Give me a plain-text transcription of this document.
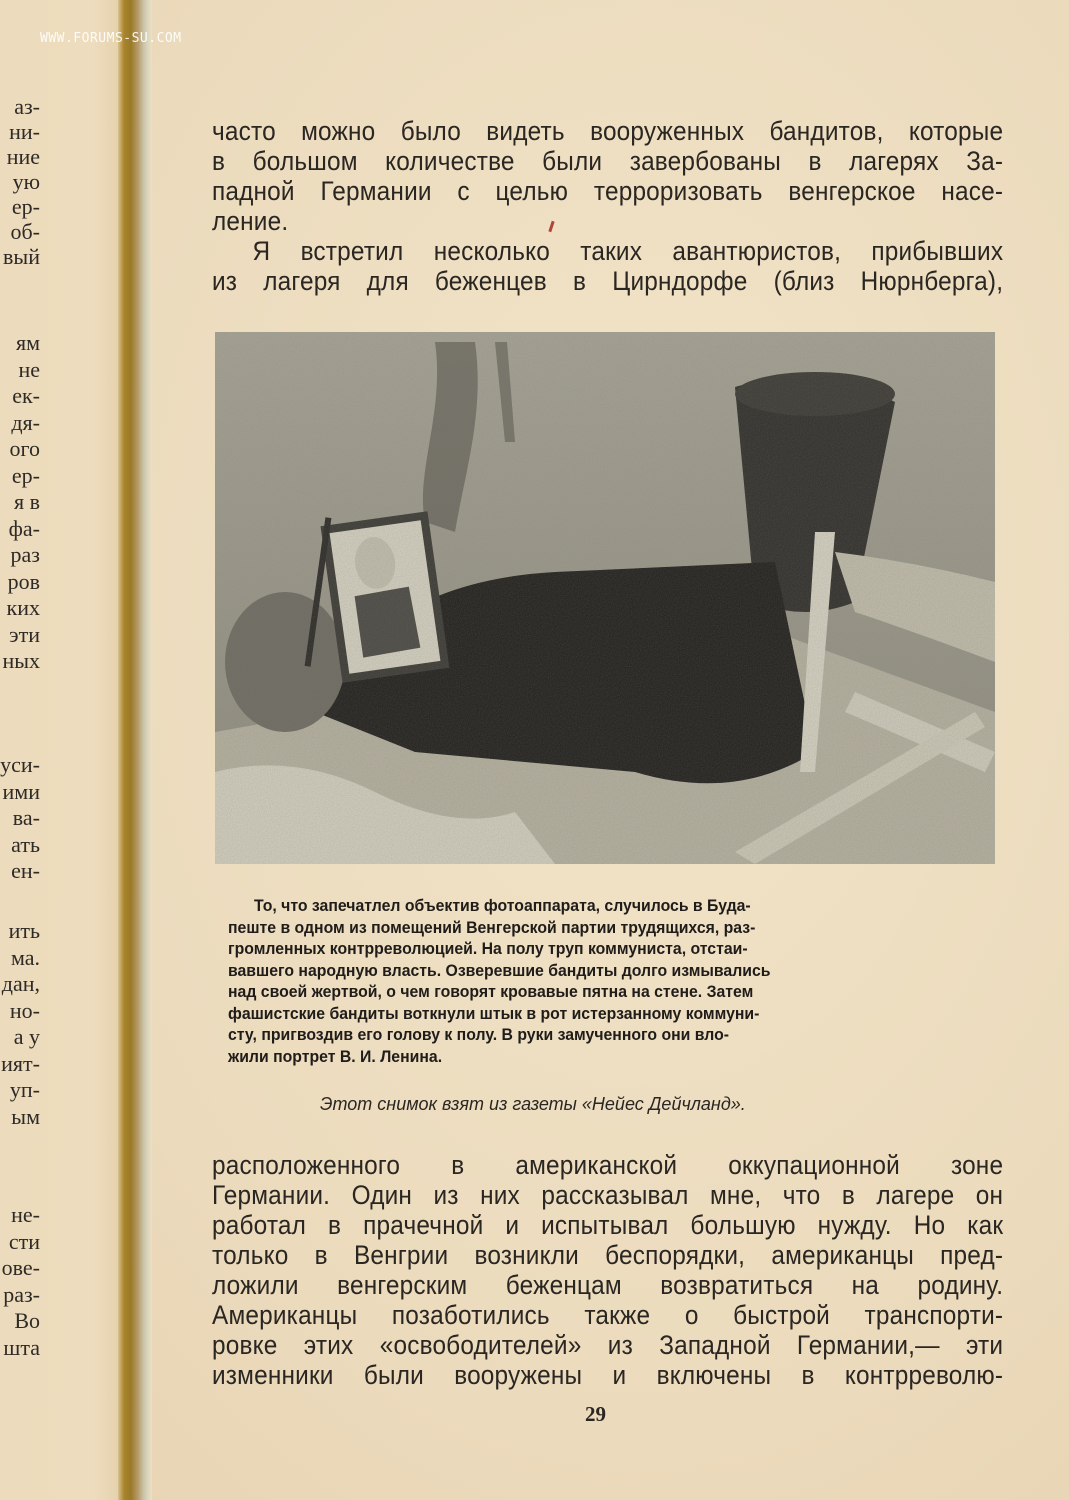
WWW.FORUMS-SU.COM
аз-
ни-
ние
ую
ер-
об-
вый
ям
не
ек-
дя-
ого
ер-
я в
фа-
раз
ров
ких
эти
ных
уси-
ими
ва-
ать
ен-
ить
ма.
дан,
но-
а у
ият-
уп-
ым
не-
сти
ове-
раз-
Во
шта
часто можно было видеть вооруженных бандитов, которые
в большом количестве были завербованы в лагерях За-
падной Германии с целью терроризовать венгерское насе-
ление.
Я встретил несколько таких авантюристов, прибывших
из лагеря для беженцев в Цирндорфе (близ Нюрнберга),
То, что запечатлел объектив фотоаппарата, случилось в Буда-
пеште в одном из помещений Венгерской партии трудящихся, раз-
громленных контрреволюцией. На полу труп коммуниста, отстаи-
вавшего народную власть. Озверевшие бандиты долго измывались
над своей жертвой, о чем говорят кровавые пятна на стене. Затем
фашистские бандиты воткнули штык в рот истерзанному коммуни-
сту, пригвоздив его голову к полу. В руки замученного они вло-
жили портрет В. И. Ленина.
Этот снимок взят из газеты «Нейес Дейчланд».
расположенного в американской оккупационной зоне
Германии. Один из них рассказывал мне, что в лагере он
работал в прачечной и испытывал большую нужду. Но как
только в Венгрии возникли беспорядки, американцы пред-
ложили венгерским беженцам возвратиться на родину.
Американцы позаботились также о быстрой транспорти-
ровке этих «освободителей» из Западной Германии,— эти
изменники были вооружены и включены в контрреволю-
29
